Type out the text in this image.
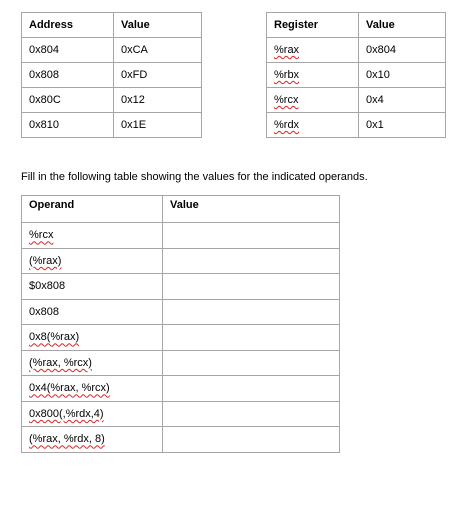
Address	Value
0x804	0xCA
0x808	0xFD
0x80C	0x12
0x810	0x1E
Register	Value
%rax	0x804
%rbx	0x10
%rcx	0x4
%rdx	0x1

Fill in the following table showing the values for the indicated operands.

Operand	Value
%rcx	
(%rax)	
$0x808	
0x808	
0x8(%rax)	
(%rax, %rcx)	
0x4(%rax, %rcx)	
0x800(,%rdx,4)	
(%rax, %rdx, 8)	
